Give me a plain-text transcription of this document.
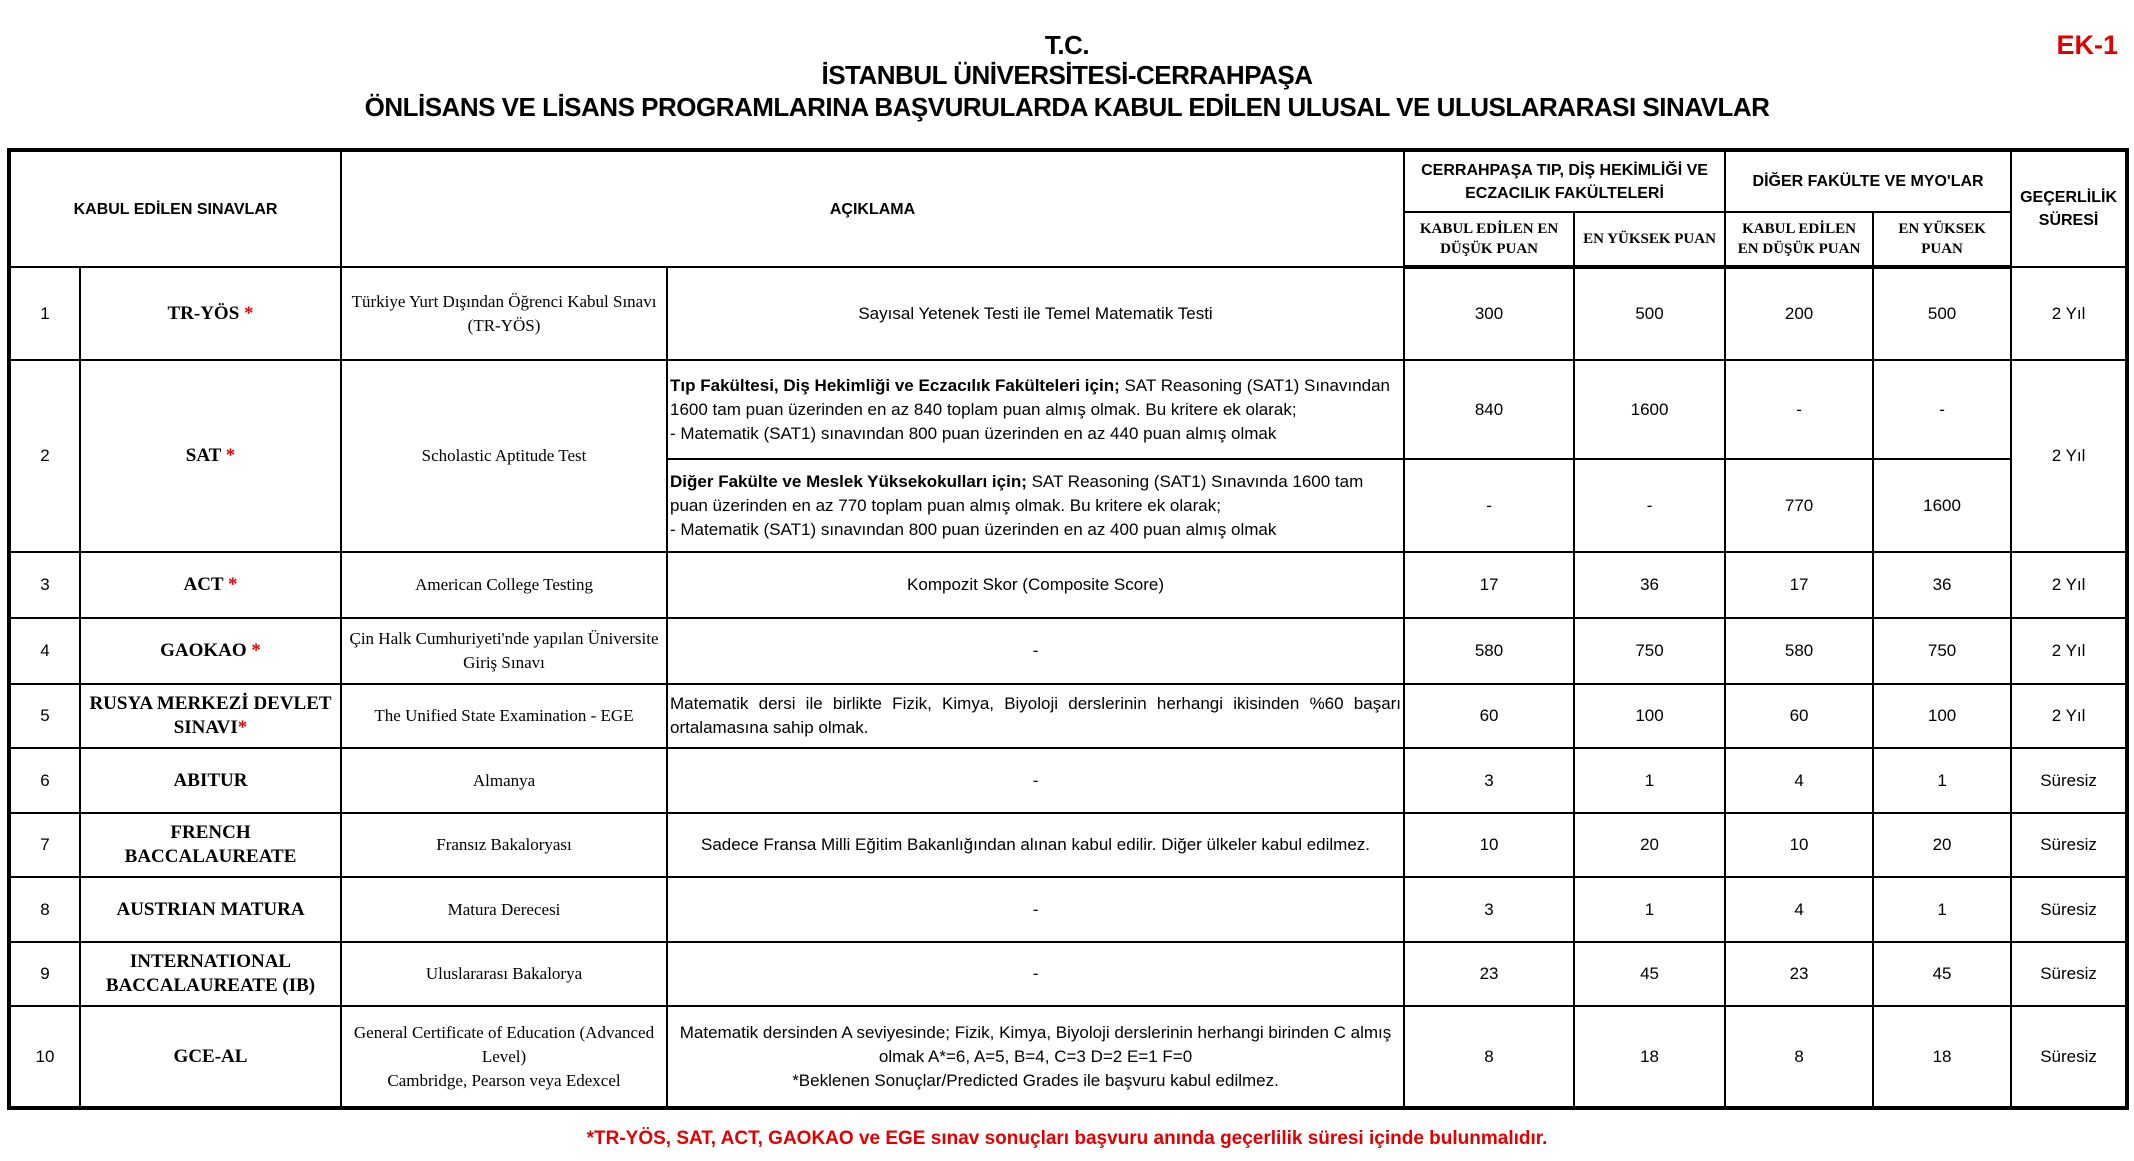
T.C.
İSTANBUL ÜNİVERSİTESİ-CERRAHPAŞA
ÖNLİSANS VE LİSANS PROGRAMLARINA BAŞVURULARDA KABUL EDİLEN ULUSAL VE ULUSLARARASI SINAVLAR
EK-1
KABUL EDİLEN SINAVLAR		AÇIKLAMA		CERRAHPAŞA TIP, DİŞ HEKİMLİĞİ VE ECZACILIK FAKÜLTELERİ		DİĞER FAKÜLTE VE MYO'LAR		GEÇERLİLİK SÜRESİ
				KABUL EDİLEN EN DÜŞÜK PUAN	EN YÜKSEK PUAN	KABUL EDİLEN EN DÜŞÜK PUAN	EN YÜKSEK PUAN	
1	TR-YÖS *	Türkiye Yurt Dışından Öğrenci Kabul Sınavı (TR-YÖS)	Sayısal Yetenek Testi ile Temel Matematik Testi	300	500	200	500	2 Yıl
2	SAT *	Scholastic Aptitude Test	Tıp Fakültesi, Diş Hekimliği ve Eczacılık Fakülteleri için; SAT Reasoning (SAT1) Sınavından 1600 tam puan üzerinden en az 840 toplam puan almış olmak. Bu kritere ek olarak;
- Matematik (SAT1) sınavından 800 puan üzerinden en az 440 puan almış olmak	840	1600	-	-	2 Yıl
			Diğer Fakülte ve Meslek Yüksekokulları için; SAT Reasoning (SAT1) Sınavında 1600 tam puan üzerinden en az 770 toplam puan almış olmak. Bu kritere ek olarak;
- Matematik (SAT1) sınavından 800 puan üzerinden en az 400 puan almış olmak	-	-	770	1600	
3	ACT *	American College Testing	Kompozit Skor (Composite Score)	17	36	17	36	2 Yıl
4	GAOKAO *	Çin Halk Cumhuriyeti'nde yapılan Üniversite Giriş Sınavı	-	580	750	580	750	2 Yıl
5	RUSYA MERKEZİ DEVLET SINAVI*	The Unified State Examination - EGE	Matematik dersi ile birlikte Fizik, Kimya, Biyoloji derslerinin herhangi ikisinden %60 başarı ortalamasına sahip olmak.	60	100	60	100	2 Yıl
6	ABITUR	Almanya	-	3	1	4	1	Süresiz
7	FRENCH BACCALAUREATE	Fransız Bakaloryası	Sadece Fransa Milli Eğitim Bakanlığından alınan kabul edilir. Diğer ülkeler kabul edilmez.	10	20	10	20	Süresiz
8	AUSTRIAN MATURA	Matura Derecesi	-	3	1	4	1	Süresiz
9	INTERNATIONAL BACCALAUREATE (IB)	Uluslararası Bakalorya	-	23	45	23	45	Süresiz
10	GCE-AL	General Certificate of Education (Advanced Level)
Cambridge, Pearson veya Edexcel	Matematik dersinden A seviyesinde; Fizik, Kimya, Biyoloji derslerinin herhangi birinden C almış olmak A*=6, A=5, B=4, C=3 D=2 E=1 F=0
*Beklenen Sonuçlar/Predicted Grades ile başvuru kabul edilmez.	8	18	8	18	Süresiz
*TR-YÖS, SAT, ACT, GAOKAO ve EGE sınav sonuçları başvuru anında geçerlilik süresi içinde bulunmalıdır.
